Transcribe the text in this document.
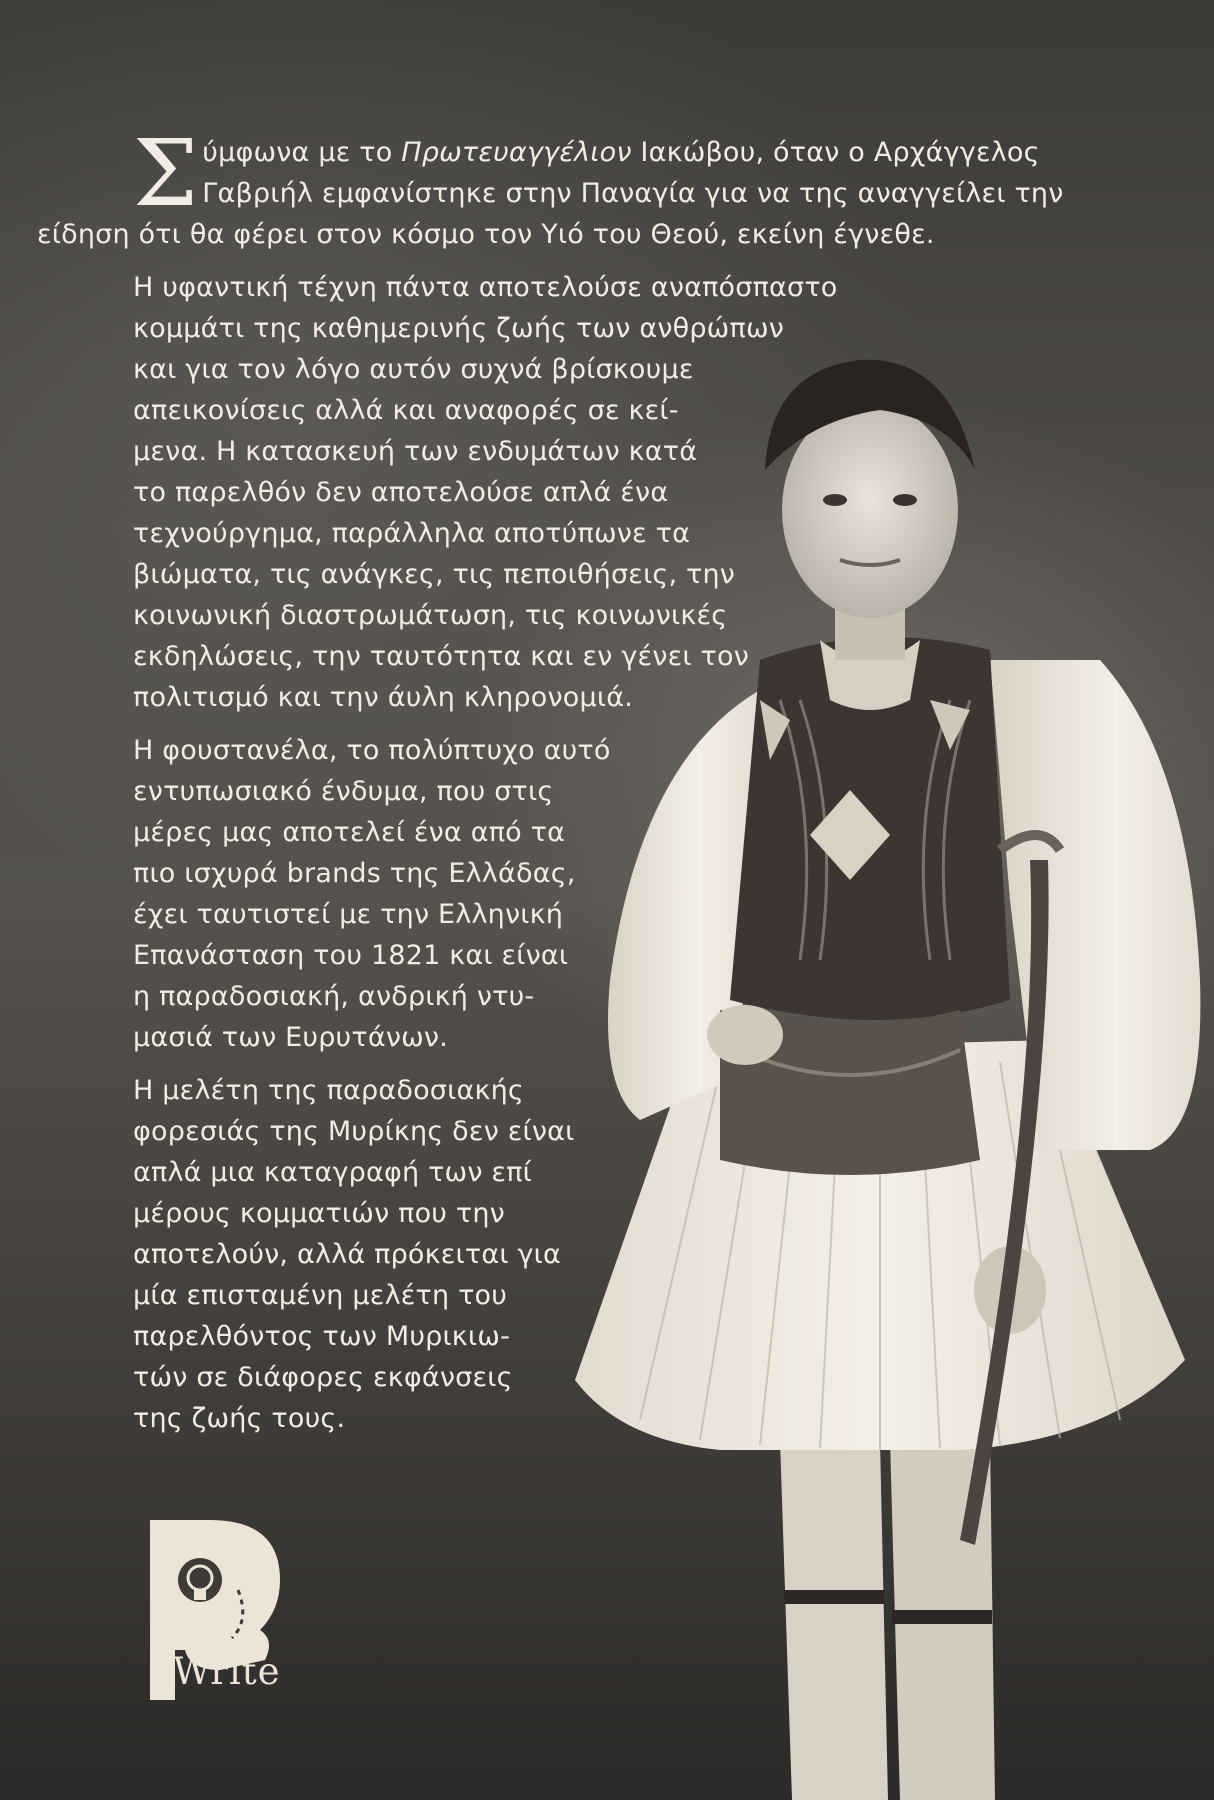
Σ ύμφωνα με το Πρωτευαγγέλιον Ιακώβου, όταν ο Αρχάγγελος
Γαβριήλ εμφανίστηκε στην Παναγία για να της αναγγείλει την
είδηση ότι θα φέρει στον κόσμο τον Υιό του Θεού, εκείνη έγνεθε.

Η υφαντική τέχνη πάντα αποτελούσε αναπόσπαστο
κομμάτι της καθημερινής ζωής των ανθρώπων
και για τον λόγο αυτόν συχνά βρίσκουμε
απεικονίσεις αλλά και αναφορές σε κεί-
μενα. Η κατασκευή των ενδυμάτων κατά
το παρελθόν δεν αποτελούσε απλά ένα
τεχνούργημα, παράλληλα αποτύπωνε τα
βιώματα, τις ανάγκες, τις πεποιθήσεις, την
κοινωνική διαστρωμάτωση, τις κοινωνικές
εκδηλώσεις, την ταυτότητα και εν γένει τον
πολιτισμό και την άυλη κληρονομιά.

Η φουστανέλα, το πολύπτυχο αυτό
εντυπωσιακό ένδυμα, που στις
μέρες μας αποτελεί ένα από τα
πιο ισχυρά brands της Ελλάδας,
έχει ταυτιστεί με την Ελληνική
Επανάσταση του 1821 και είναι
η παραδοσιακή, ανδρική ντυ-
μασιά των Ευρυτάνων.

Η μελέτη της παραδοσιακής
φορεσιάς της Μυρίκης δεν είναι
απλά μια καταγραφή των επί
μέρους κομματιών που την
αποτελούν, αλλά πρόκειται για
μία επισταμένη μελέτη του
παρελθόντος των Μυρικιω-
τών σε διάφορες εκφάνσεις
της ζωής τους.

iWrite
